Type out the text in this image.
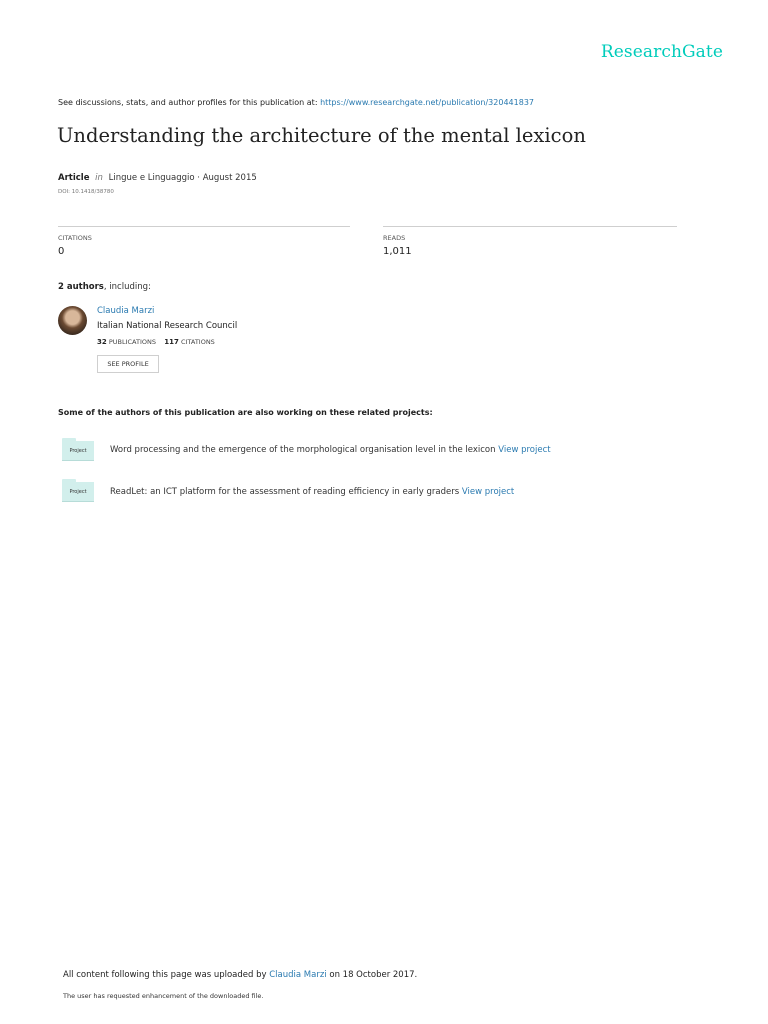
ResearchGate
See discussions, stats, and author profiles for this publication at: https://www.researchgate.net/publication/320441837
Understanding the architecture of the mental lexicon
Article in Lingue e Linguaggio · August 2015
DOI: 10.1418/38780
CITATIONS
0
READS
1,011
2 authors, including:
Claudia Marzi
Italian National Research Council
32 PUBLICATIONS 117 CITATIONS
SEE PROFILE
Some of the authors of this publication are also working on these related projects:
Project	Word processing and the emergence of the morphological organisation level in the lexicon View project
Project	ReadLet: an ICT platform for the assessment of reading efficiency in early graders View project
All content following this page was uploaded by Claudia Marzi on 18 October 2017.
The user has requested enhancement of the downloaded file.
